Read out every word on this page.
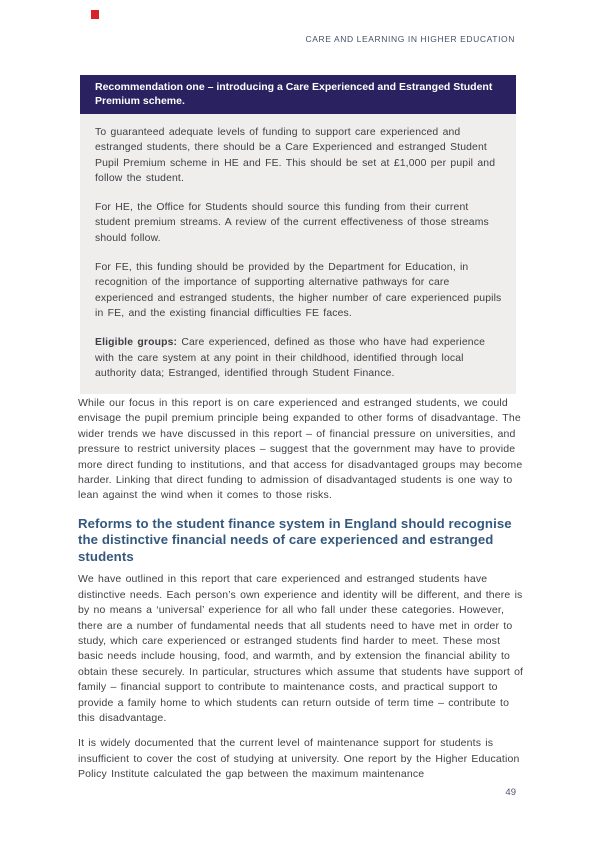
CARE AND LEARNING IN HIGHER EDUCATION
Recommendation one – introducing a Care Experienced and Estranged Student Premium scheme.

To guaranteed adequate levels of funding to support care experienced and estranged students, there should be a Care Experienced and estranged Student Pupil Premium scheme in HE and FE. This should be set at £1,000 per pupil and follow the student.

For HE, the Office for Students should source this funding from their current student premium streams. A review of the current effectiveness of those streams should follow.

For FE, this funding should be provided by the Department for Education, in recognition of the importance of supporting alternative pathways for care experienced and estranged students, the higher number of care experienced pupils in FE, and the existing financial difficulties FE faces.

Eligible groups: Care experienced, defined as those who have had experience with the care system at any point in their childhood, identified through local authority data; Estranged, identified through Student Finance.

While our focus in this report is on care experienced and estranged students, we could envisage the pupil premium principle being expanded to other forms of disadvantage. The wider trends we have discussed in this report – of financial pressure on universities, and pressure to restrict university places – suggest that the government may have to provide more direct funding to institutions, and that access for disadvantaged groups may become harder. Linking that direct funding to admission of disadvantaged students is one way to lean against the wind when it comes to those risks.

Reforms to the student finance system in England should recognise the distinctive financial needs of care experienced and estranged students

We have outlined in this report that care experienced and estranged students have distinctive needs. Each person’s own experience and identity will be different, and there is by no means a ‘universal’ experience for all who fall under these categories. However, there are a number of fundamental needs that all students need to have met in order to study, which care experienced or estranged students find harder to meet. These most basic needs include housing, food, and warmth, and by extension the financial ability to obtain these securely. In particular, structures which assume that students have support of family – financial support to contribute to maintenance costs, and practical support to provide a family home to which students can return outside of term time – contribute to this disadvantage.

It is widely documented that the current level of maintenance support for students is insufficient to cover the cost of studying at university. One report by the Higher Education Policy Institute calculated the gap between the maximum maintenance

49
